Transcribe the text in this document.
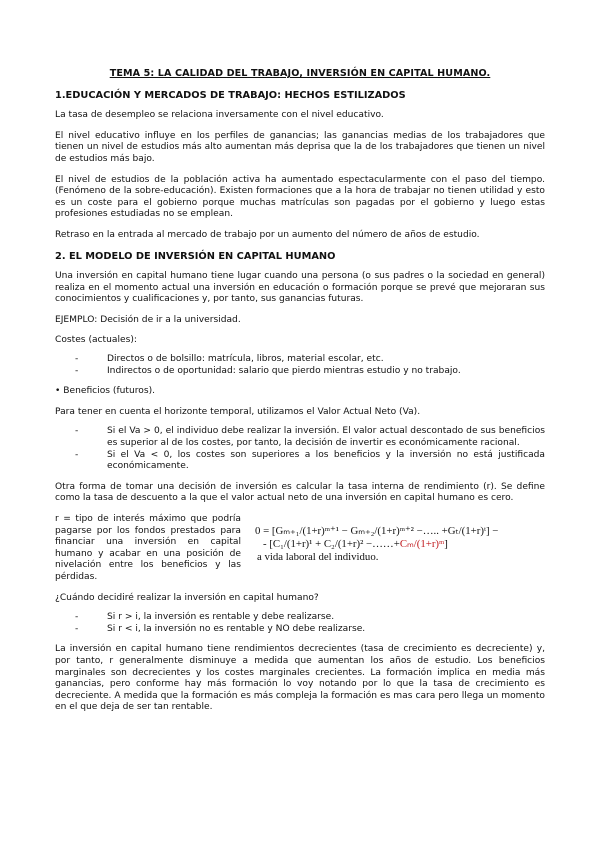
TEMA 5: LA CALIDAD DEL TRABAJO, INVERSIÓN EN CAPITAL HUMANO.
1.EDUCACIÓN Y MERCADOS DE TRABAJO: HECHOS ESTILIZADOS
La tasa de desempleo se relaciona inversamente con el nivel educativo.
El nivel educativo influye en los perfiles de ganancias; las ganancias medias de los trabajadores que tienen un nivel de estudios más alto aumentan más deprisa que la de los trabajadores que tienen un nivel de estudios más bajo.
El nivel de estudios de la población activa ha aumentado espectacularmente con el paso del tiempo. (Fenómeno de la sobre-educación). Existen formaciones que a la hora de trabajar no tienen utilidad y esto es un coste para el gobierno porque muchas matrículas son pagadas por el gobierno y luego estas profesiones estudiadas no se emplean.
Retraso en la entrada al mercado de trabajo por un aumento del número de años de estudio.
2. EL MODELO DE INVERSIÓN EN CAPITAL HUMANO
Una inversión en capital humano tiene lugar cuando una persona (o sus padres o la sociedad en general) realiza en el momento actual una inversión en educación o formación porque se prevé que mejoraran sus conocimientos y cualificaciones y, por tanto, sus ganancias futuras.
EJEMPLO: Decisión de ir a la universidad.
Costes (actuales):
- Directos o de bolsillo: matrícula, libros, material escolar, etc.
- Indirectos o de oportunidad: salario que pierdo mientras estudio y no trabajo.
• Beneficios (futuros).
Para tener en cuenta el horizonte temporal, utilizamos el Valor Actual Neto (Va).
- Si el Va > 0, el individuo debe realizar la inversión. El valor actual descontado de sus beneficios es superior al de los costes, por tanto, la decisión de invertir es económicamente racional.
- Si el Va < 0, los costes son superiores a los beneficios y la inversión no está justificada económicamente.
Otra forma de tomar una decisión de inversión es calcular la tasa interna de rendimiento (r). Se define como la tasa de descuento a la que el valor actual neto de una inversión en capital humano es cero.
r = tipo de interés máximo que podría pagarse por los fondos prestados para financiar una inversión en capital humano y acabar en una posición de nivelación entre los beneficios y las pérdidas.
0 = [Gₘ₊₁/(1+r)ᵐ⁺¹ − Gₘ₊₂/(1+r)ᵐ⁺² −….. +Gₜ/(1+r)ᵗ] −
- [C₁/(1+r)¹ + C₂/(1+r)² −……+Cₘ/(1+r)ᵐ]
a vida laboral del individuo.
¿Cuándo decidiré realizar la inversión en capital humano?
- Si r > i, la inversión es rentable y debe realizarse.
- Si r < i, la inversión no es rentable y NO debe realizarse.
La inversión en capital humano tiene rendimientos decrecientes (tasa de crecimiento es decreciente) y, por tanto, r generalmente disminuye a medida que aumentan los años de estudio. Los beneficios marginales son decrecientes y los costes marginales crecientes. La formación implica en media más ganancias, pero conforme hay más formación lo voy notando por lo que la tasa de crecimiento es decreciente. A medida que la formación es más compleja la formación es mas cara pero llega un momento en el que deja de ser tan rentable.
